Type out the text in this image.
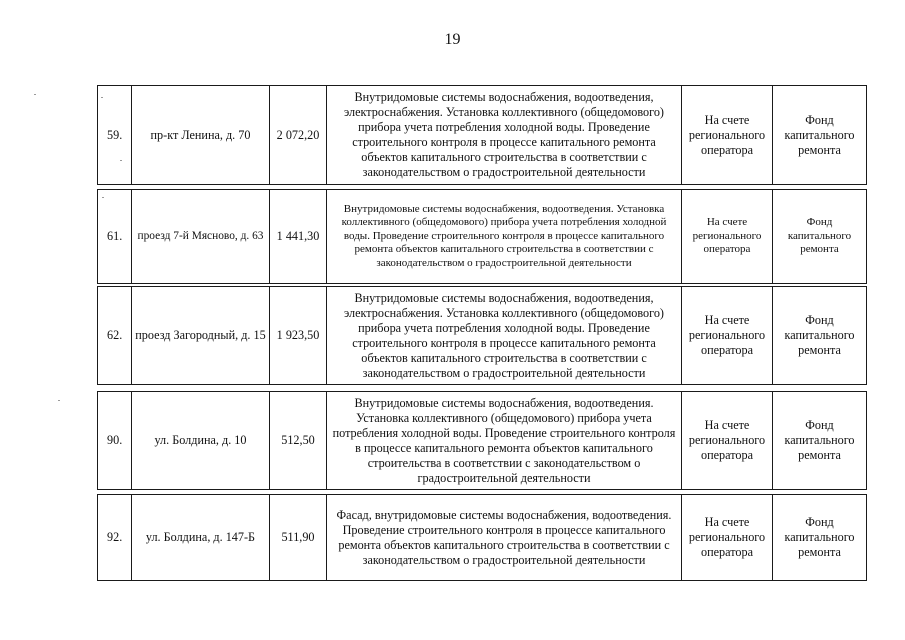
19
59.	пр-кт Ленина, д. 70	2 072,20	Внутридомовые системы водоснабжения, водоотведения, электроснабжения. Установка коллективного (общедомового) прибора учета потребления холодной воды. Проведение строительного контроля в процессе капитального ремонта объектов капитального строительства в соответствии с законодательством о градостроительной деятельности	На счете регионального оператора	Фонд капитального ремонта
61.	проезд 7-й Мясново, д. 63	1 441,30	Внутридомовые системы водоснабжения, водоотведения. Установка коллективного (общедомового) прибора учета потребления холодной воды. Проведение строительного контроля в процессе капитального ремонта объектов капитального строительства в соответствии с законодательством о градостроительной деятельности	На счете регионального оператора	Фонд капитального ремонта
62.	проезд Загородный, д. 15	1 923,50	Внутридомовые системы водоснабжения, водоотведения, электроснабжения. Установка коллективного (общедомового) прибора учета потребления холодной воды. Проведение строительного контроля в процессе капитального ремонта объектов капитального строительства в соответствии с законодательством о градостроительной деятельности	На счете регионального оператора	Фонд капитального ремонта
90.	ул. Болдина, д. 10	512,50	Внутридомовые системы водоснабжения, водоотведения. Установка коллективного (общедомового) прибора учета потребления холодной воды. Проведение строительного контроля в процессе капитального ремонта объектов капитального строительства в соответствии с законодательством о градостроительной деятельности	На счете регионального оператора	Фонд капитального ремонта
92.	ул. Болдина, д. 147-Б	511,90	Фасад, внутридомовые системы водоснабжения, водоотведения. Проведение строительного контроля в процессе капитального ремонта объектов капитального строительства в соответствии с законодательством о градостроительной деятельности	На счете регионального оператора	Фонд капитального ремонта
